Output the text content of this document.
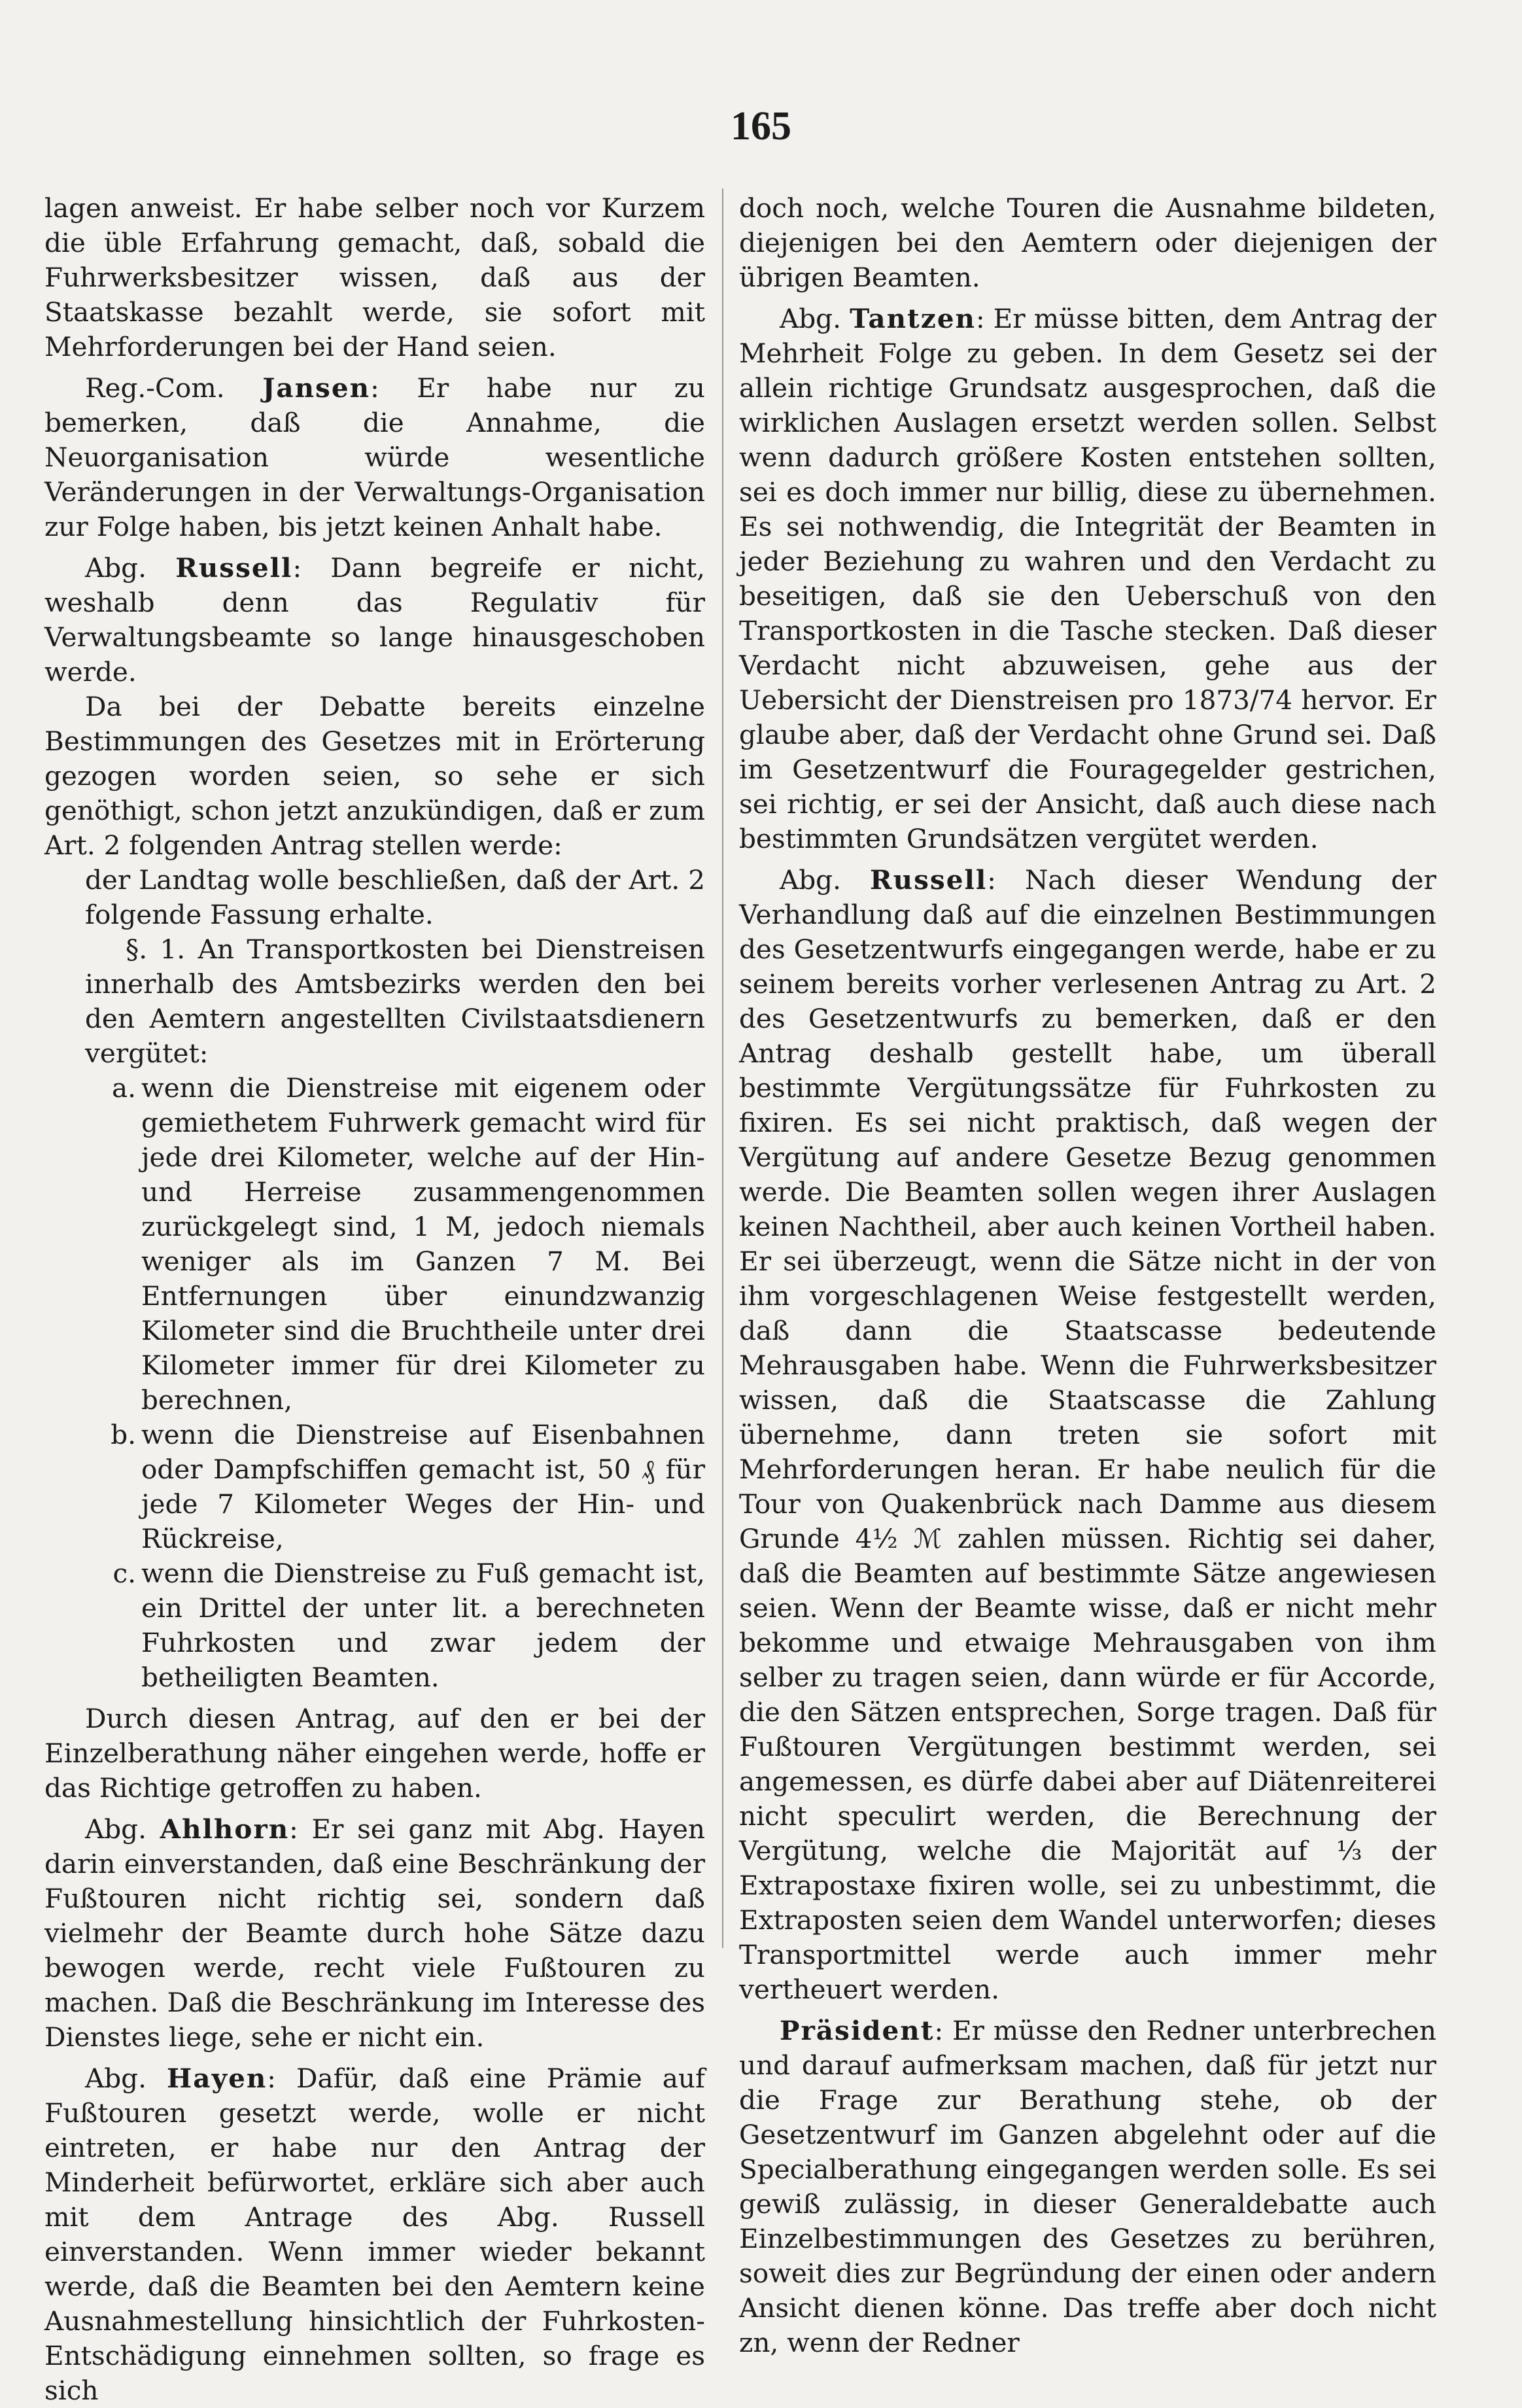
165

lagen anweist. Er habe selber noch vor Kurzem die üble Erfahrung gemacht, daß, sobald die Fuhrwerksbesitzer wissen, daß aus der Staatskasse bezahlt werde, sie sofort mit Mehrforderungen bei der Hand seien.

Reg.-Com. Jansen: Er habe nur zu bemerken, daß die Annahme, die Neuorganisation würde wesentliche Veränderungen in der Verwaltungs-Organisation zur Folge haben, bis jetzt keinen Anhalt habe.

Abg. Russell: Dann begreife er nicht, weshalb denn das Regulativ für Verwaltungsbeamte so lange hinausgeschoben werde.

Da bei der Debatte bereits einzelne Bestimmungen des Gesetzes mit in Erörterung gezogen worden seien, so sehe er sich genöthigt, schon jetzt anzukündigen, daß er zum Art. 2 folgenden Antrag stellen werde:

der Landtag wolle beschließen, daß der Art. 2 folgende Fassung erhalte.

§. 1. An Transportkosten bei Dienstreisen innerhalb des Amtsbezirks werden den bei den Aemtern angestellten Civilstaatsdienern vergütet:

a. wenn die Dienstreise mit eigenem oder gemiethetem Fuhrwerk gemacht wird für jede drei Kilometer, welche auf der Hin- und Herreise zusammengenommen zurückgelegt sind, 1 M, jedoch niemals weniger als im Ganzen 7 M. Bei Entfernungen über einundzwanzig Kilometer sind die Bruchtheile unter drei Kilometer immer für drei Kilometer zu berechnen,

b. wenn die Dienstreise auf Eisenbahnen oder Dampfschiffen gemacht ist, 50 ₰ für jede 7 Kilometer Weges der Hin- und Rückreise,

c. wenn die Dienstreise zu Fuß gemacht ist, ein Drittel der unter lit. a berechneten Fuhrkosten und zwar jedem der betheiligten Beamten.

Durch diesen Antrag, auf den er bei der Einzelberathung näher eingehen werde, hoffe er das Richtige getroffen zu haben.

Abg. Ahlhorn: Er sei ganz mit Abg. Hayen darin einverstanden, daß eine Beschränkung der Fußtouren nicht richtig sei, sondern daß vielmehr der Beamte durch hohe Sätze dazu bewogen werde, recht viele Fußtouren zu machen. Daß die Beschränkung im Interesse des Dienstes liege, sehe er nicht ein.

Abg. Hayen: Dafür, daß eine Prämie auf Fußtouren gesetzt werde, wolle er nicht eintreten, er habe nur den Antrag der Minderheit befürwortet, erkläre sich aber auch mit dem Antrage des Abg. Russell einverstanden. Wenn immer wieder bekannt werde, daß die Beamten bei den Aemtern keine Ausnahmestellung hinsichtlich der Fuhrkosten-Entschädigung einnehmen sollten, so frage es sich

doch noch, welche Touren die Ausnahme bildeten, diejenigen bei den Aemtern oder diejenigen der übrigen Beamten.

Abg. Tantzen: Er müsse bitten, dem Antrag der Mehrheit Folge zu geben. In dem Gesetz sei der allein richtige Grundsatz ausgesprochen, daß die wirklichen Auslagen ersetzt werden sollen. Selbst wenn dadurch größere Kosten entstehen sollten, sei es doch immer nur billig, diese zu übernehmen. Es sei nothwendig, die Integrität der Beamten in jeder Beziehung zu wahren und den Verdacht zu beseitigen, daß sie den Ueberschuß von den Transportkosten in die Tasche stecken. Daß dieser Verdacht nicht abzuweisen, gehe aus der Uebersicht der Dienstreisen pro 1873/74 hervor. Er glaube aber, daß der Verdacht ohne Grund sei. Daß im Gesetzentwurf die Fouragegelder gestrichen, sei richtig, er sei der Ansicht, daß auch diese nach bestimmten Grundsätzen vergütet werden.

Abg. Russell: Nach dieser Wendung der Verhandlung daß auf die einzelnen Bestimmungen des Gesetzentwurfs eingegangen werde, habe er zu seinem bereits vorher verlesenen Antrag zu Art. 2 des Gesetzentwurfs zu bemerken, daß er den Antrag deshalb gestellt habe, um überall bestimmte Vergütungssätze für Fuhrkosten zu fixiren. Es sei nicht praktisch, daß wegen der Vergütung auf andere Gesetze Bezug genommen werde. Die Beamten sollen wegen ihrer Auslagen keinen Nachtheil, aber auch keinen Vortheil haben. Er sei überzeugt, wenn die Sätze nicht in der von ihm vorgeschlagenen Weise festgestellt werden, daß dann die Staatscasse bedeutende Mehrausgaben habe. Wenn die Fuhrwerksbesitzer wissen, daß die Staatscasse die Zahlung übernehme, dann treten sie sofort mit Mehrforderungen heran. Er habe neulich für die Tour von Quakenbrück nach Damme aus diesem Grunde 4½ ℳ zahlen müssen. Richtig sei daher, daß die Beamten auf bestimmte Sätze angewiesen seien. Wenn der Beamte wisse, daß er nicht mehr bekomme und etwaige Mehrausgaben von ihm selber zu tragen seien, dann würde er für Accorde, die den Sätzen entsprechen, Sorge tragen. Daß für Fußtouren Vergütungen bestimmt werden, sei angemessen, es dürfe dabei aber auf Diätenreiterei nicht speculirt werden, die Berechnung der Vergütung, welche die Majorität auf ⅓ der Extrapostaxe fixiren wolle, sei zu unbestimmt, die Extraposten seien dem Wandel unterworfen; dieses Transportmittel werde auch immer mehr vertheuert werden.

Präsident: Er müsse den Redner unterbrechen und darauf aufmerksam machen, daß für jetzt nur die Frage zur Berathung stehe, ob der Gesetzentwurf im Ganzen abgelehnt oder auf die Specialberathung eingegangen werden solle. Es sei gewiß zulässig, in dieser Generaldebatte auch Einzelbestimmungen des Gesetzes zu berühren, soweit dies zur Begründung der einen oder andern Ansicht dienen könne. Das treffe aber doch nicht zn, wenn der Redner
